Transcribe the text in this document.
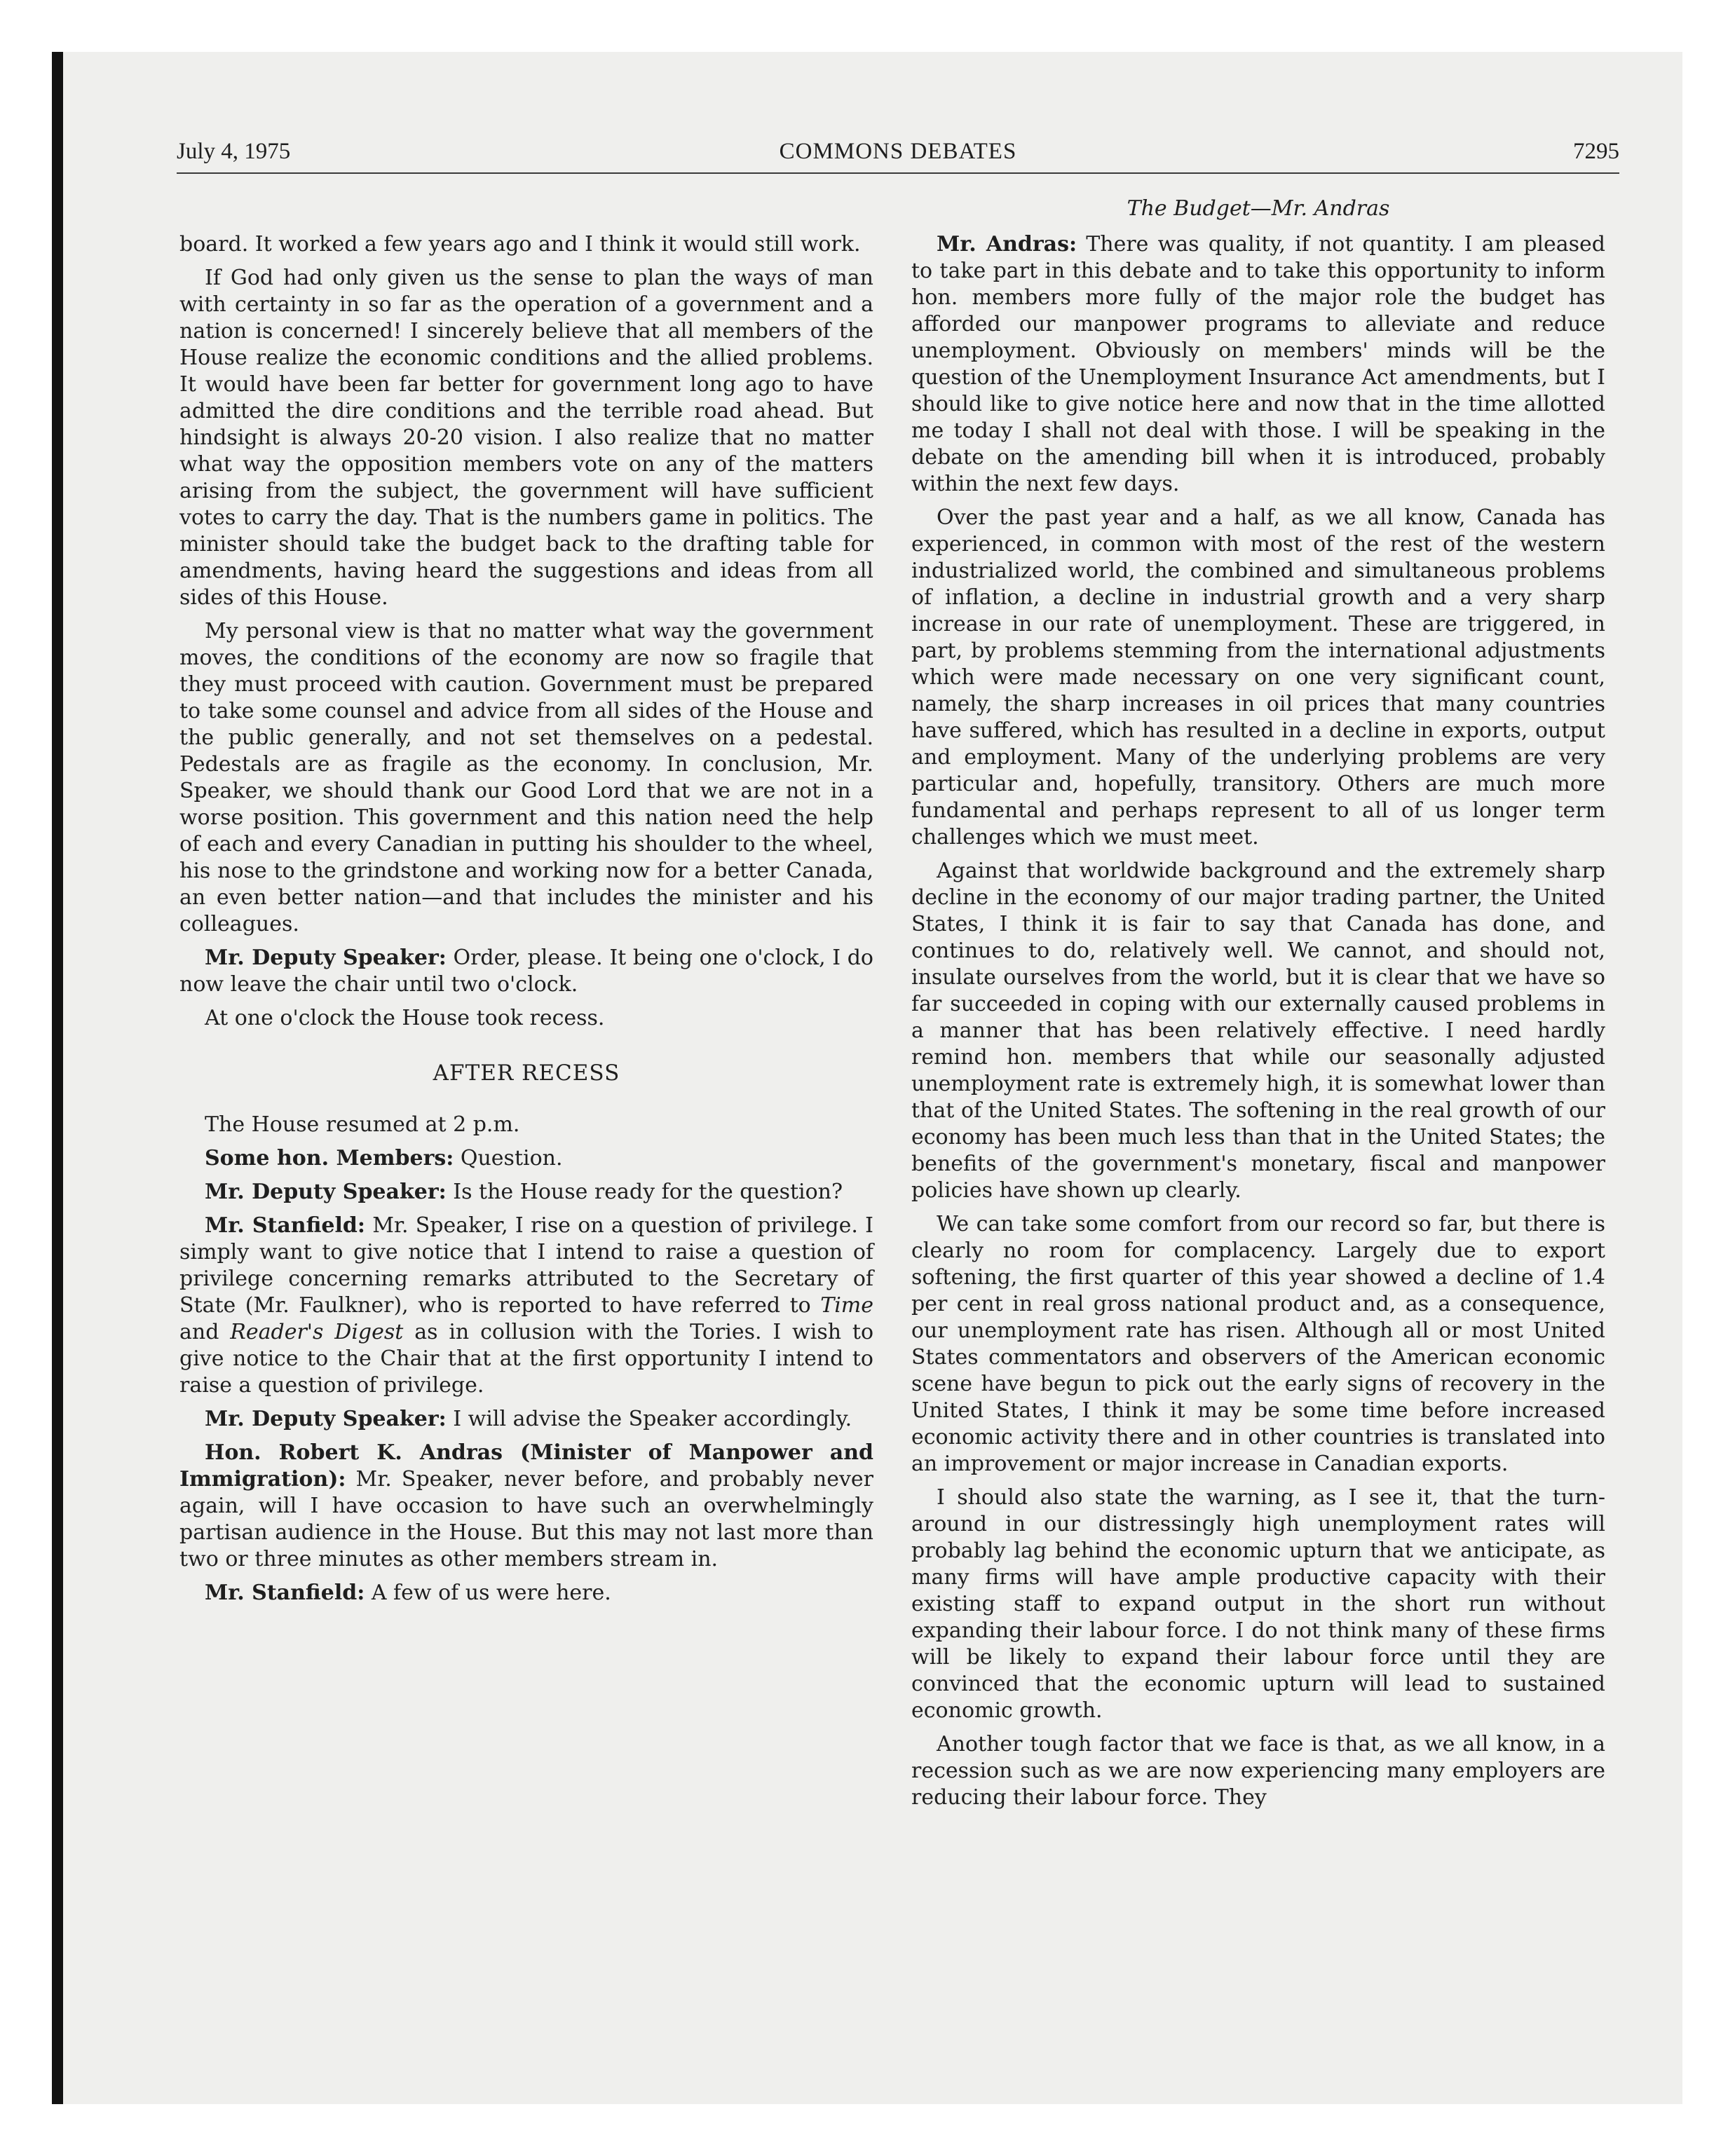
COMMONS DEBATES
July 4, 1975	7295
The Budget—Mr. Andras

board. It worked a few years ago and I think it would still work.

If God had only given us the sense to plan the ways of man with certainty in so far as the operation of a government and a nation is concerned! I sincerely believe that all members of the House realize the economic conditions and the allied problems. It would have been far better for government long ago to have admitted the dire conditions and the terrible road ahead. But hindsight is always 20-20 vision. I also realize that no matter what way the opposition members vote on any of the matters arising from the subject, the government will have sufficient votes to carry the day. That is the numbers game in politics. The minister should take the budget back to the drafting table for amendments, having heard the suggestions and ideas from all sides of this House.

My personal view is that no matter what way the government moves, the conditions of the economy are now so fragile that they must proceed with caution. Government must be prepared to take some counsel and advice from all sides of the House and the public generally, and not set themselves on a pedestal. Pedestals are as fragile as the economy. In conclusion, Mr. Speaker, we should thank our Good Lord that we are not in a worse position. This government and this nation need the help of each and every Canadian in putting his shoulder to the wheel, his nose to the grindstone and working now for a better Canada, an even better nation—and that includes the minister and his colleagues.

Mr. Deputy Speaker: Order, please. It being one o'clock, I do now leave the chair until two o'clock.

At one o'clock the House took recess.

AFTER RECESS

The House resumed at 2 p.m.

Some hon. Members: Question.

Mr. Deputy Speaker: Is the House ready for the question?

Mr. Stanfield: Mr. Speaker, I rise on a question of privilege. I simply want to give notice that I intend to raise a question of privilege concerning remarks attributed to the Secretary of State (Mr. Faulkner), who is reported to have referred to Time and Reader's Digest as in collusion with the Tories. I wish to give notice to the Chair that at the first opportunity I intend to raise a question of privilege.

Mr. Deputy Speaker: I will advise the Speaker accordingly.

Hon. Robert K. Andras (Minister of Manpower and Immigration): Mr. Speaker, never before, and probably never again, will I have occasion to have such an overwhelmingly partisan audience in the House. But this may not last more than two or three minutes as other members stream in.

Mr. Stanfield: A few of us were here.

Mr. Andras: There was quality, if not quantity. I am pleased to take part in this debate and to take this opportunity to inform hon. members more fully of the major role the budget has afforded our manpower programs to alleviate and reduce unemployment. Obviously on members' minds will be the question of the Unemployment Insurance Act amendments, but I should like to give notice here and now that in the time allotted me today I shall not deal with those. I will be speaking in the debate on the amending bill when it is introduced, probably within the next few days.

Over the past year and a half, as we all know, Canada has experienced, in common with most of the rest of the western industrialized world, the combined and simultaneous problems of inflation, a decline in industrial growth and a very sharp increase in our rate of unemployment. These are triggered, in part, by problems stemming from the international adjustments which were made necessary on one very significant count, namely, the sharp increases in oil prices that many countries have suffered, which has resulted in a decline in exports, output and employment. Many of the underlying problems are very particular and, hopefully, transitory. Others are much more fundamental and perhaps represent to all of us longer term challenges which we must meet.

Against that worldwide background and the extremely sharp decline in the economy of our major trading partner, the United States, I think it is fair to say that Canada has done, and continues to do, relatively well. We cannot, and should not, insulate ourselves from the world, but it is clear that we have so far succeeded in coping with our externally caused problems in a manner that has been relatively effective. I need hardly remind hon. members that while our seasonally adjusted unemployment rate is extremely high, it is somewhat lower than that of the United States. The softening in the real growth of our economy has been much less than that in the United States; the benefits of the government's monetary, fiscal and manpower policies have shown up clearly.

We can take some comfort from our record so far, but there is clearly no room for complacency. Largely due to export softening, the first quarter of this year showed a decline of 1.4 per cent in real gross national product and, as a consequence, our unemployment rate has risen. Although all or most United States commentators and observers of the American economic scene have begun to pick out the early signs of recovery in the United States, I think it may be some time before increased economic activity there and in other countries is translated into an improvement or major increase in Canadian exports.

I should also state the warning, as I see it, that the turn-around in our distressingly high unemployment rates will probably lag behind the economic upturn that we anticipate, as many firms will have ample productive capacity with their existing staff to expand output in the short run without expanding their labour force. I do not think many of these firms will be likely to expand their labour force until they are convinced that the economic upturn will lead to sustained economic growth.

Another tough factor that we face is that, as we all know, in a recession such as we are now experiencing many employers are reducing their labour force. They
